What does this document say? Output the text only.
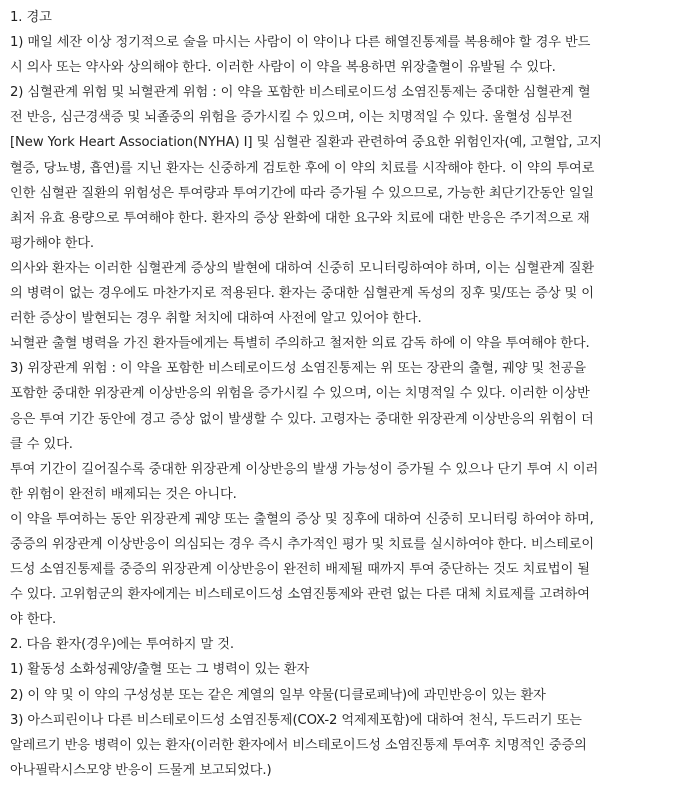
1. 경고
1) 매일 세잔 이상 정기적으로 술을 마시는 사람이 이 약이나 다른 해열진통제를 복용해야 할 경우 반드
시 의사 또는 약사와 상의해야 한다. 이러한 사람이 이 약을 복용하면 위장출혈이 유발될 수 있다.
2) 심혈관계 위험 및 뇌혈관계 위험 : 이 약을 포함한 비스테로이드성 소염진통제는 중대한 심혈관계 혈
전 반응, 심근경색증 및 뇌졸중의 위험을 증가시킬 수 있으며, 이는 치명적일 수 있다. 울혈성 심부전
[New York Heart Association(NYHA) Ⅰ] 및 심혈관 질환과 관련하여 중요한 위험인자(예, 고혈압, 고지
혈증, 당뇨병, 흡연)를 지닌 환자는 신중하게 검토한 후에 이 약의 치료를 시작해야 한다. 이 약의 투여로
인한 심혈관 질환의 위험성은 투여량과 투여기간에 따라 증가될 수 있으므로, 가능한 최단기간동안 일일
최저 유효 용량으로 투여해야 한다. 환자의 증상 완화에 대한 요구와 치료에 대한 반응은 주기적으로 재
평가해야 한다.
의사와 환자는 이러한 심혈관계 증상의 발현에 대하여 신중히 모니터링하여야 하며, 이는 심혈관계 질환
의 병력이 없는 경우에도 마찬가지로 적용된다. 환자는 중대한 심혈관계 독성의 징후 및/또는 증상 및 이
러한 증상이 발현되는 경우 취할 처치에 대하여 사전에 알고 있어야 한다.
뇌혈관 출혈 병력을 가진 환자들에게는 특별히 주의하고 철저한 의료 감독 하에 이 약을 투여해야 한다.
3) 위장관계 위험 : 이 약을 포함한 비스테로이드성 소염진통제는 위 또는 장관의 출혈, 궤양 및 천공을
포함한 중대한 위장관계 이상반응의 위험을 증가시킬 수 있으며, 이는 치명적일 수 있다. 이러한 이상반
응은 투여 기간 동안에 경고 증상 없이 발생할 수 있다. 고령자는 중대한 위장관계 이상반응의 위험이 더
클 수 있다.
투여 기간이 길어질수록 중대한 위장관계 이상반응의 발생 가능성이 증가될 수 있으나 단기 투여 시 이러
한 위험이 완전히 배제되는 것은 아니다.
이 약을 투여하는 동안 위장관계 궤양 또는 출혈의 증상 및 징후에 대하여 신중히 모니터링 하여야 하며,
중증의 위장관계 이상반응이 의심되는 경우 즉시 추가적인 평가 및 치료를 실시하여야 한다. 비스테로이
드성 소염진통제를 중증의 위장관계 이상반응이 완전히 배제될 때까지 투여 중단하는 것도 치료법이 될
수 있다. 고위험군의 환자에게는 비스테로이드성 소염진통제와 관련 없는 다른 대체 치료제를 고려하여
야 한다.
2. 다음 환자(경우)에는 투여하지 말 것.
1) 활동성 소화성궤양/출혈 또는 그 병력이 있는 환자
2) 이 약 및 이 약의 구성성분 또는 같은 계열의 일부 약물(디클로페낙)에 과민반응이 있는 환자
3) 아스피린이나 다른 비스테로이드성 소염진통제(COX-2 억제제포함)에 대하여 천식, 두드러기 또는
알레르기 반응 병력이 있는 환자(이러한 환자에서 비스테로이드성 소염진통제 투여후 치명적인 중증의
아나필락시스모양 반응이 드물게 보고되었다.)
